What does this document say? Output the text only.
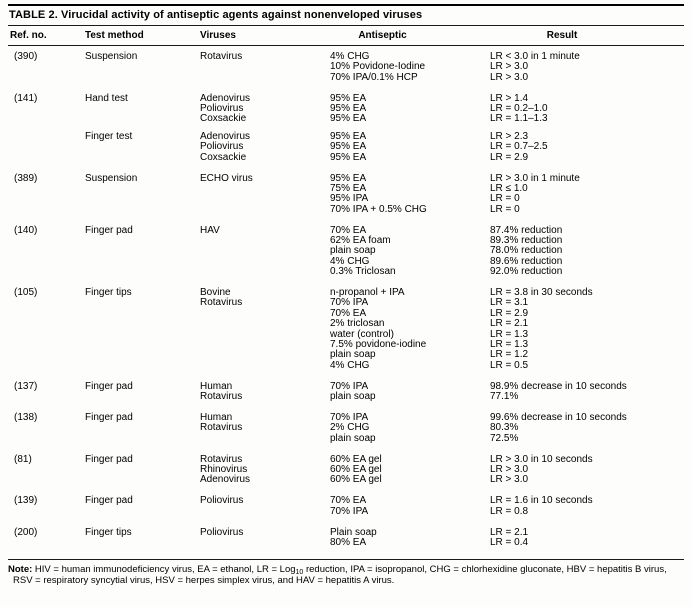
TABLE 2. Virucidal activity of antiseptic agents against nonenveloped viruses
Ref. no.	Test method	Viruses	Antiseptic	Result
(390)	Suspension	Rotavirus	4% CHG	LR < 3.0 in 1 minute
10% Povidone-Iodine	LR > 3.0
70% IPA/0.1% HCP	LR > 3.0
(141)	Hand test	Adenovirus	95% EA	LR > 1.4
Poliovirus	95% EA	LR = 0.2–1.0
Coxsackie	95% EA	LR = 1.1–1.3
Finger test	Adenovirus	95% EA	LR > 2.3
Poliovirus	95% EA	LR = 0.7–2.5
Coxsackie	95% EA	LR = 2.9
(389)	Suspension	ECHO virus	95% EA	LR > 3.0 in 1 minute
75% EA	LR ≤ 1.0
95% IPA	LR = 0
70% IPA + 0.5% CHG	LR = 0
(140)	Finger pad	HAV	70% EA	87.4% reduction
62% EA foam	89.3% reduction
plain soap	78.0% reduction
4% CHG	89.6% reduction
0.3% Triclosan	92.0% reduction
(105)	Finger tips	Bovine	n-propanol + IPA	LR = 3.8 in 30 seconds
Rotavirus	70% IPA	LR = 3.1
70% EA	LR = 2.9
2% triclosan	LR = 2.1
water (control)	LR = 1.3
7.5% povidone-iodine	LR = 1.3
plain soap	LR = 1.2
4% CHG	LR = 0.5
(137)	Finger pad	Human	70% IPA	98.9% decrease in 10 seconds
Rotavirus	plain soap	77.1%
(138)	Finger pad	Human	70% IPA	99.6% decrease in 10 seconds
Rotavirus	2% CHG	80.3%
plain soap	72.5%
(81)	Finger pad	Rotavirus	60% EA gel	LR > 3.0 in 10 seconds
Rhinovirus	60% EA gel	LR > 3.0
Adenovirus	60% EA gel	LR > 3.0
(139)	Finger pad	Poliovirus	70% EA	LR = 1.6 in 10 seconds
70% IPA	LR = 0.8
(200)	Finger tips	Poliovirus	Plain soap	LR = 2.1
80% EA	LR = 0.4

Note: HIV = human immunodeficiency virus, EA = ethanol, LR = Log$_{10}$ reduction, IPA = isopropanol, CHG = chlorhexidine gluconate, HBV = hepatitis B virus, RSV = respiratory syncytial virus, HSV = herpes simplex virus, and HAV = hepatitis A virus.
